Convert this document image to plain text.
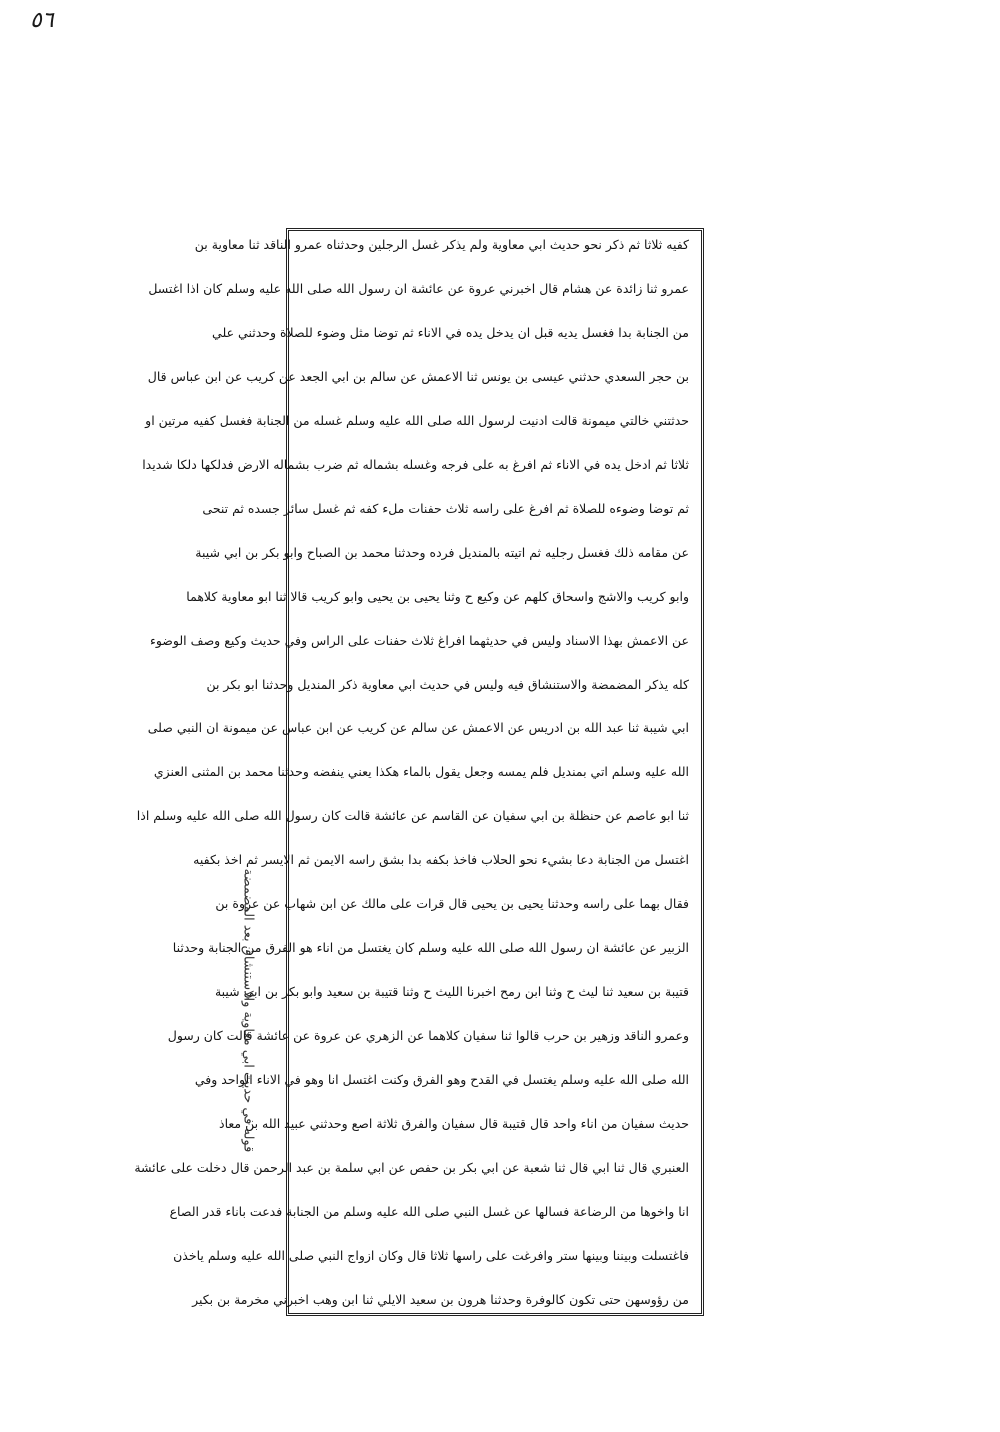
٥٦
كفيه ثلاثا ثم ذكر نحو حديث ابي معاوية ولم يذكر غسل الرجلين وحدثناه عمرو الناقد ثنا معاوية بن
عمرو ثنا زائدة عن هشام قال اخبرني عروة عن عائشة ان رسول الله صلى الله عليه وسلم كان اذا اغتسل
من الجنابة بدا فغسل يديه قبل ان يدخل يده في الاناء ثم توضا مثل وضوء للصلاة وحدثني علي
بن حجر السعدي حدثني عيسى بن يونس ثنا الاعمش عن سالم بن ابي الجعد عن كريب عن ابن عباس قال
حدثتني خالتي ميمونة قالت ادنيت لرسول الله صلى الله عليه وسلم غسله من الجنابة فغسل كفيه مرتين او
ثلاثا ثم ادخل يده في الاناء ثم افرغ به على فرجه وغسله بشماله ثم ضرب بشماله الارض فدلكها دلكا شديدا
ثم توضا وضوءه للصلاة ثم افرغ على راسه ثلاث حفنات ملء كفه ثم غسل سائر جسده ثم تنحى
عن مقامه ذلك فغسل رجليه ثم اتيته بالمنديل فرده وحدثنا محمد بن الصباح وابو بكر بن ابي شيبة
وابو كريب والاشج واسحاق كلهم عن وكيع ح وثنا يحيى بن يحيى وابو كريب قالا ثنا ابو معاوية كلاهما
عن الاعمش بهذا الاسناد وليس في حديثهما افراغ ثلاث حفنات على الراس وفي حديث وكيع وصف الوضوء
كله يذكر المضمضة والاستنشاق فيه وليس في حديث ابي معاوية ذكر المنديل وحدثنا ابو بكر بن
ابي شيبة ثنا عبد الله بن ادريس عن الاعمش عن سالم عن كريب عن ابن عباس عن ميمونة ان النبي صلى
الله عليه وسلم اتي بمنديل فلم يمسه وجعل يقول بالماء هكذا يعني ينفضه وحدثنا محمد بن المثنى العنزي
ثنا ابو عاصم عن حنظلة بن ابي سفيان عن القاسم عن عائشة قالت كان رسول الله صلى الله عليه وسلم اذا
اغتسل من الجنابة دعا بشيء نحو الحلاب فاخذ بكفه بدا بشق راسه الايمن ثم الايسر ثم اخذ بكفيه
فقال بهما على راسه وحدثنا يحيى بن يحيى قال قرات على مالك عن ابن شهاب عن عروة بن
الزبير عن عائشة ان رسول الله صلى الله عليه وسلم كان يغتسل من اناء هو الفرق من الجنابة وحدثنا
قتيبة بن سعيد ثنا ليث ح وثنا ابن رمح اخبرنا الليث ح وثنا قتيبة بن سعيد وابو بكر بن ابي شيبة
وعمرو الناقد وزهير بن حرب قالوا ثنا سفيان كلاهما عن الزهري عن عروة عن عائشة قالت كان رسول
الله صلى الله عليه وسلم يغتسل في القدح وهو الفرق وكنت اغتسل انا وهو في الاناء الواحد وفي
حديث سفيان من اناء واحد قال قتيبة قال سفيان والفرق ثلاثة اصع وحدثني عبيد الله بن معاذ
العنبري قال ثنا ابي قال ثنا شعبة عن ابي بكر بن حفص عن ابي سلمة بن عبد الرحمن قال دخلت على عائشة
انا واخوها من الرضاعة فسالها عن غسل النبي صلى الله عليه وسلم من الجنابة فدعت باناء قدر الصاع
فاغتسلت وبيننا وبينها ستر وافرغت على راسها ثلاثا قال وكان ازواج النبي صلى الله عليه وسلم ياخذن
من رؤوسهن حتى تكون كالوفرة وحدثنا هرون بن سعيد الايلي ثنا ابن وهب اخبرني مخرمة بن بكير
قوله في حديث ابي معاوية والاستنشاق بعد المضمضة
